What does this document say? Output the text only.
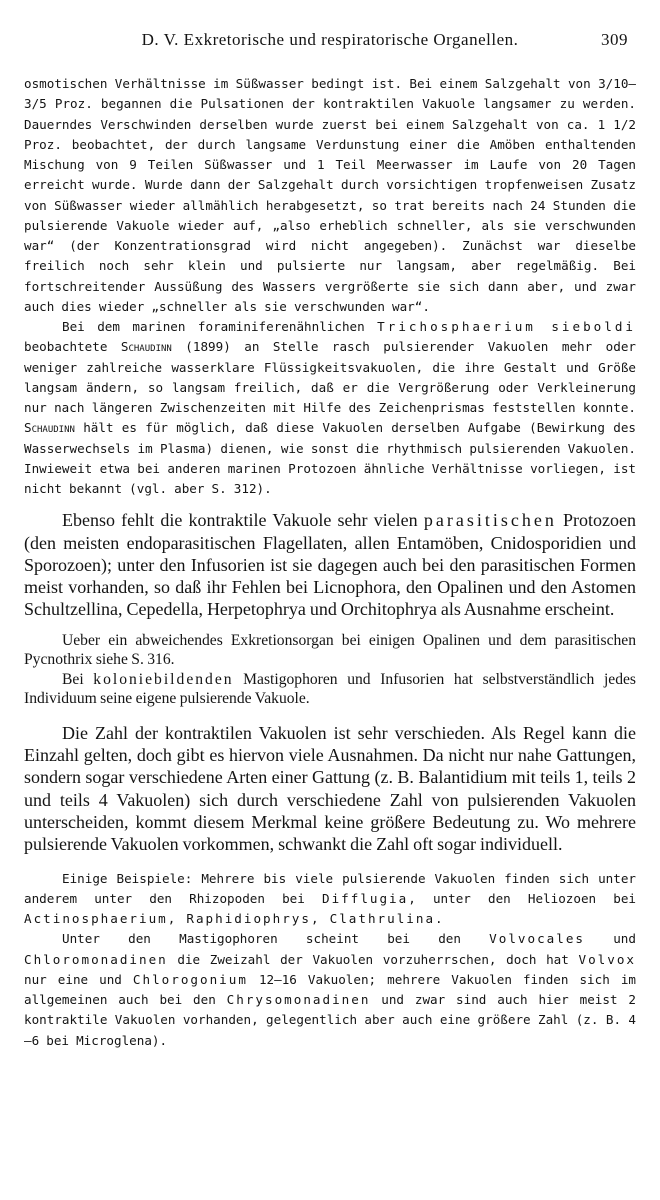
D. V. Exkretorische und respiratorische Organellen.	309

osmotischen Verhältnisse im Süßwasser bedingt ist. Bei einem Salzgehalt von 3/10—3/5 Proz. begannen die Pulsationen der kontraktilen Vakuole langsamer zu werden. Dauerndes Verschwinden derselben wurde zuerst bei einem Salzgehalt von ca. 1 1/2 Proz. beobachtet, der durch langsame Verdunstung einer die Amöben enthaltenden Mischung von 9 Teilen Süßwasser und 1 Teil Meerwasser im Laufe von 20 Tagen erreicht wurde. Wurde dann der Salzgehalt durch vorsichtigen tropfenweisen Zusatz von Süßwasser wieder allmählich herabgesetzt, so trat bereits nach 24 Stunden die pulsierende Vakuole wieder auf, „also erheblich schneller, als sie verschwunden war“ (der Konzentrationsgrad wird nicht angegeben). Zunächst war dieselbe freilich noch sehr klein und pulsierte nur langsam, aber regelmäßig. Bei fortschreitender Aussüßung des Wassers vergrößerte sie sich dann aber, und zwar auch dies wieder „schneller als sie verschwunden war“.

Bei dem marinen foraminiferenähnlichen Trichosphaerium sieboldi beobachtete Schaudinn (1899) an Stelle rasch pulsierender Vakuolen mehr oder weniger zahlreiche wasserklare Flüssigkeitsvakuolen, die ihre Gestalt und Größe langsam ändern, so langsam freilich, daß er die Vergrößerung oder Verkleinerung nur nach längeren Zwischenzeiten mit Hilfe des Zeichenprismas feststellen konnte. Schaudinn hält es für möglich, daß diese Vakuolen derselben Aufgabe (Bewirkung des Wasserwechsels im Plasma) dienen, wie sonst die rhythmisch pulsierenden Vakuolen. Inwieweit etwa bei anderen marinen Protozoen ähnliche Verhältnisse vorliegen, ist nicht bekannt (vgl. aber S. 312).

Ebenso fehlt die kontraktile Vakuole sehr vielen parasitischen Protozoen (den meisten endoparasitischen Flagellaten, allen Entamöben, Cnidosporidien und Sporozoen); unter den Infusorien ist sie dagegen auch bei den parasitischen Formen meist vorhanden, so daß ihr Fehlen bei Licnophora, den Opalinen und den Astomen Schultzellina, Cepedella, Herpetophrya und Orchitophrya als Ausnahme erscheint.

Ueber ein abweichendes Exkretionsorgan bei einigen Opalinen und dem parasitischen Pycnothrix siehe S. 316.

Bei koloniebildenden Mastigophoren und Infusorien hat selbstverständlich jedes Individuum seine eigene pulsierende Vakuole.

Die Zahl der kontraktilen Vakuolen ist sehr verschieden. Als Regel kann die Einzahl gelten, doch gibt es hiervon viele Ausnahmen. Da nicht nur nahe Gattungen, sondern sogar verschiedene Arten einer Gattung (z. B. Balantidium mit teils 1, teils 2 und teils 4 Vakuolen) sich durch verschiedene Zahl von pulsierenden Vakuolen unterscheiden, kommt diesem Merkmal keine größere Bedeutung zu. Wo mehrere pulsierende Vakuolen vorkommen, schwankt die Zahl oft sogar individuell.

Einige Beispiele: Mehrere bis viele pulsierende Vakuolen finden sich unter anderem unter den Rhizopoden bei Difflugia, unter den Heliozoen bei Actinosphaerium, Raphidiophrys, Clathrulina.

Unter den Mastigophoren scheint bei den Volvocales und Chloromonadinen die Zweizahl der Vakuolen vorzuherrschen, doch hat Volvox nur eine und Chlorogonium 12—16 Vakuolen; mehrere Vakuolen finden sich im allgemeinen auch bei den Chrysomonadinen und zwar sind auch hier meist 2 kontraktile Vakuolen vorhanden, gelegentlich aber auch eine größere Zahl (z. B. 4—6 bei Microglena).
